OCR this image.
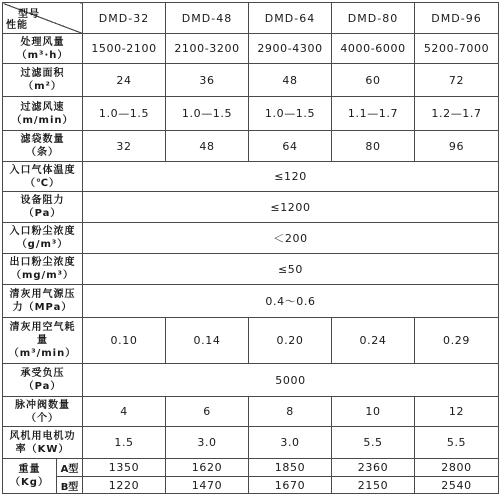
型号
性能		DMD-32	DMD-48	DMD-64	DMD-80	DMD-96

处理风量
（m³·h）		1500-2100	2100-3200	2900-4300	4000-6000	5200-7000

过滤面积
（m²）		24	36	48	60	72

过滤风速
（m/min）		1.0—1.5	1.0—1.5	1.0—1.5	1.1—1.7	1.2—1.7

滤袋数量
（条）		32	48	64	80	96

入口气体温度
（℃）		≤120				

设备阻力
（Pa）		≤1200				

入口粉尘浓度
（g/m³）		＜200				

出口粉尘浓度
（mg/m³）		≤50				

清灰用气源压
力（MPa）		0.4～0.6				

清灰用空气耗
量
（m³/min）		0.10	0.14	0.20	0.24	0.29

承受负压
（Pa）		5000				

脉冲阀数量
（个）		4	6	8	10	12

风机用电机功
率（KW）		1.5	3.0	3.0	5.5	5.5

重量
（Kg）	A型	1350	1620	1850	2360	2800
	B型	1220	1470	1670	2150	2540
